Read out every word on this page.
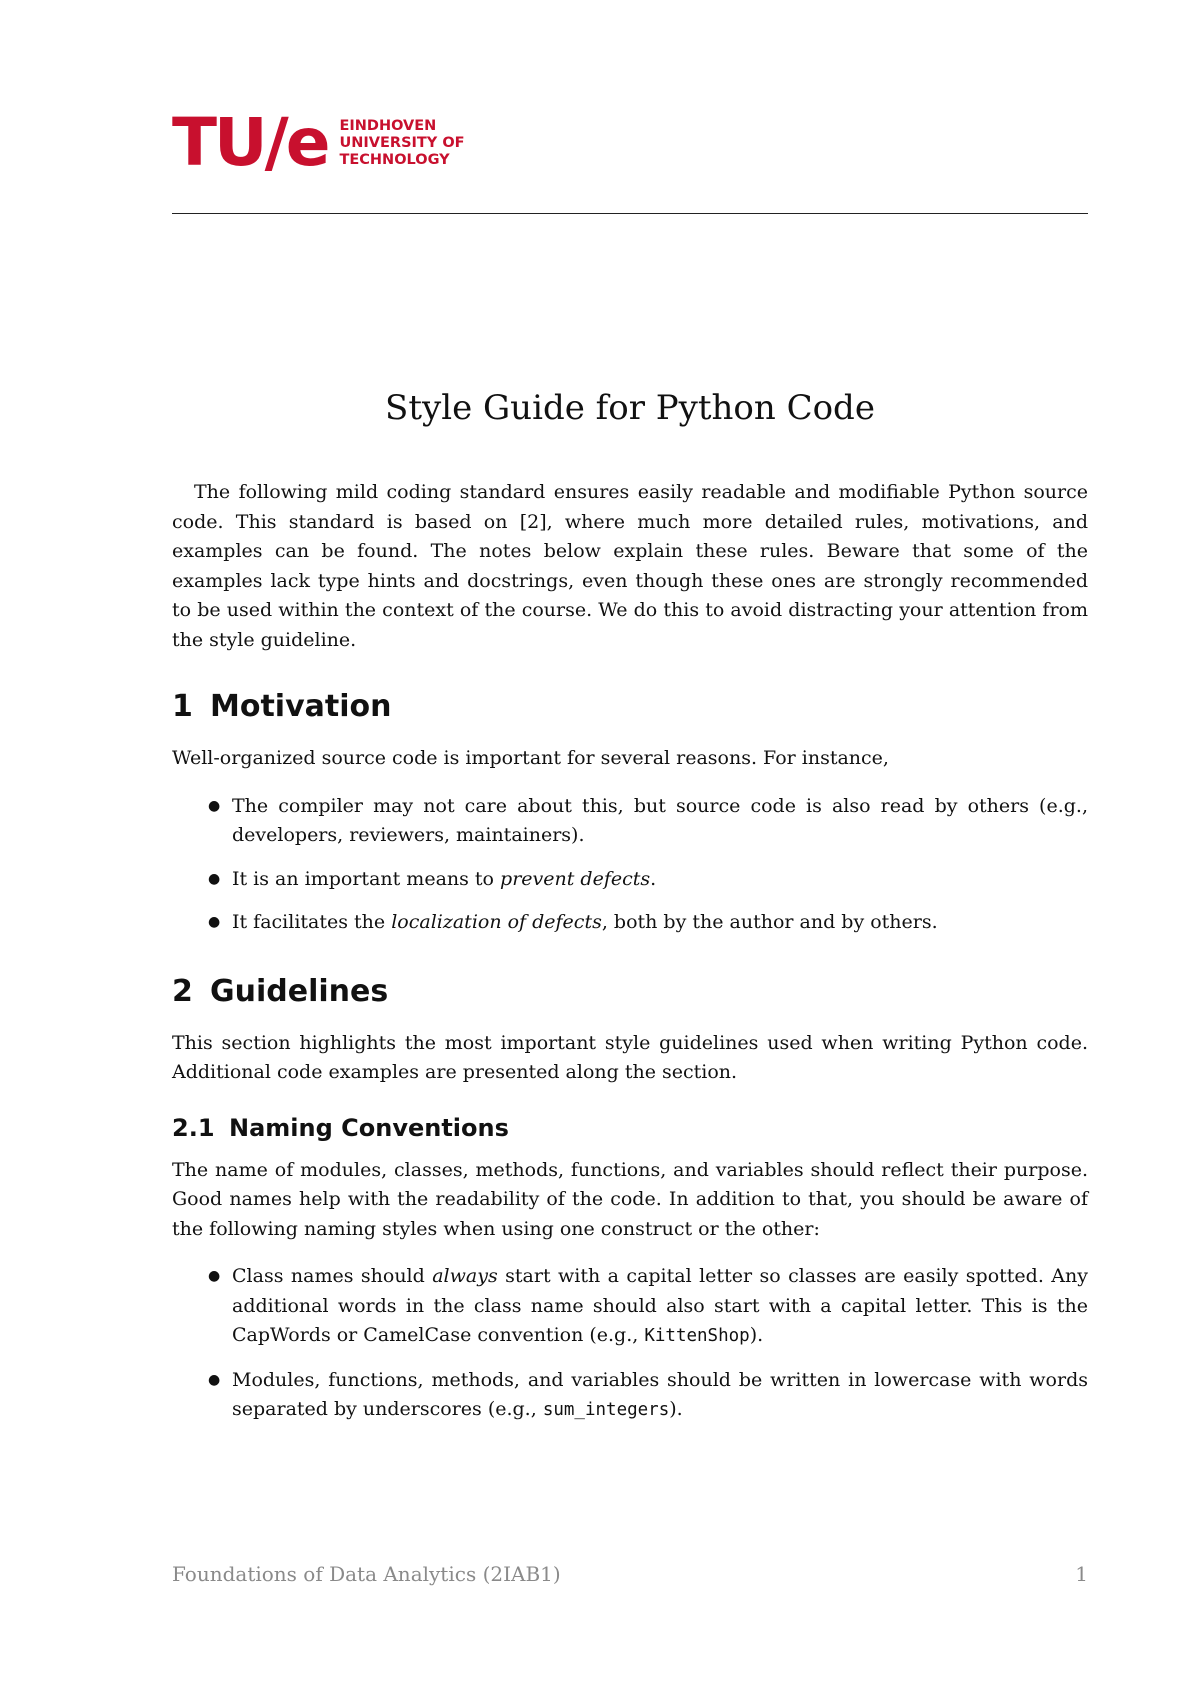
TU/e EINDHOVEN
UNIVERSITY OF
TECHNOLOGY
Style Guide for Python Code

The following mild coding standard ensures easily readable and modifiable Python source code. This standard is based on [2], where much more detailed rules, motivations, and examples can be found. The notes below explain these rules. Beware that some of the examples lack type hints and docstrings, even though these ones are strongly recommended to be used within the context of the course. We do this to avoid distracting your attention from the style guideline.

1 Motivation

Well-organized source code is important for several reasons. For instance,

● The compiler may not care about this, but source code is also read by others (e.g., developers, reviewers, maintainers).
● It is an important means to prevent defects.
● It facilitates the localization of defects, both by the author and by others.
2 Guidelines

This section highlights the most important style guidelines used when writing Python code. Additional code examples are presented along the section.

2.1 Naming Conventions

The name of modules, classes, methods, functions, and variables should reflect their purpose. Good names help with the readability of the code. In addition to that, you should be aware of the following naming styles when using one construct or the other:

● Class names should always start with a capital letter so classes are easily spotted. Any additional words in the class name should also start with a capital letter. This is the CapWords or CamelCase convention (e.g., KittenShop).
● Modules, functions, methods, and variables should be written in lowercase with words separated by underscores (e.g., sum_integers).
Foundations of Data Analytics (2IAB1)	1
